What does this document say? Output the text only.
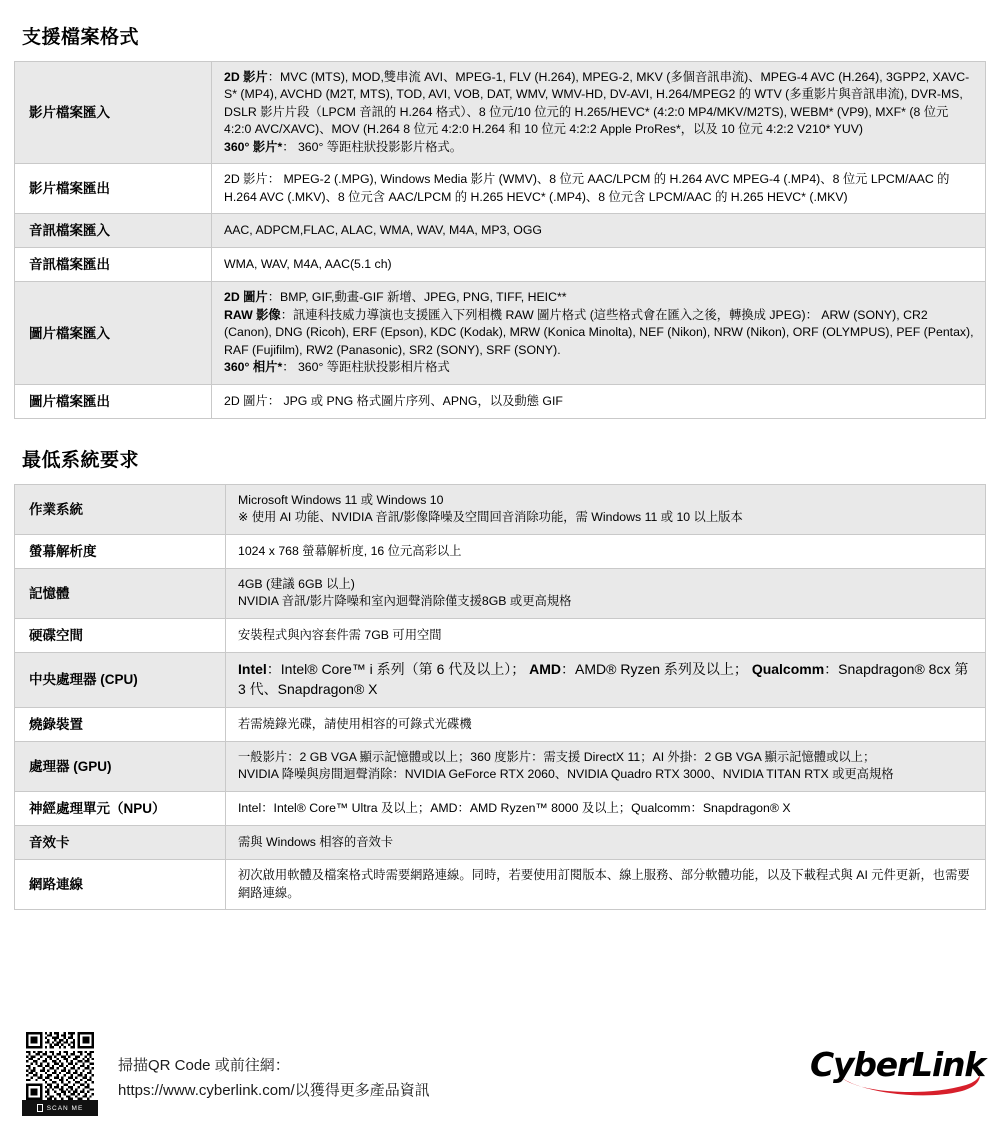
支援檔案格式
影片檔案匯入	2D 影片：MVC (MTS), MOD,雙串流 AVI、MPEG-1, FLV (H.264), MPEG-2, MKV (多個音訊串流)、MPEG-4 AVC (H.264), 3GPP2, XAVC-S* (MP4), AVCHD (M2T, MTS), TOD, AVI, VOB, DAT, WMV, WMV-HD, DV-AVI, H.264/MPEG2 的 WTV (多重影片與音訊串流), DVR-MS, DSLR 影片片段（LPCM 音訊的 H.264 格式）、8 位元/10 位元的 H.265/HEVC* (4:2:0 MP4/MKV/M2TS), WEBM* (VP9), MXF* (8 位元 4:2:0 AVC/XAVC)、MOV (H.264 8 位元 4:2:0 H.264 和 10 位元 4:2:2 Apple ProRes*，以及 10 位元 4:2:2 V210* YUV)
360° 影片*： 360° 等距柱狀投影影片格式。

影片檔案匯出	2D 影片： MPEG-2 (.MPG), Windows Media 影片 (WMV)、8 位元 AAC/LPCM 的 H.264 AVC MPEG-4 (.MP4)、8 位元 LPCM/AAC 的 H.264 AVC (.MKV)、8 位元含 AAC/LPCM 的 H.265 HEVC* (.MP4)、8 位元含 LPCM/AAC 的 H.265 HEVC* (.MKV)

音訊檔案匯入	AAC, ADPCM,FLAC, ALAC, WMA, WAV, M4A, MP3, OGG

音訊檔案匯出	WMA, WAV, M4A, AAC(5.1 ch)

圖片檔案匯入	2D 圖片：BMP, GIF,動畫-GIF 新增、JPEG, PNG, TIFF, HEIC**
RAW 影像：訊連科技威力導演也支援匯入下列相機 RAW 圖片格式 (這些格式會在匯入之後，轉換成 JPEG)： ARW (SONY), CR2 (Canon), DNG (Ricoh), ERF (Epson), KDC (Kodak), MRW (Konica Minolta), NEF (Nikon), NRW (Nikon), ORF (OLYMPUS), PEF (Pentax), RAF (Fujifilm), RW2 (Panasonic), SR2 (SONY), SRF (SONY).
360° 相片*： 360° 等距柱狀投影相片格式

圖片檔案匯出	2D 圖片： JPG 或 PNG 格式圖片序列、APNG，以及動態 GIF
最低系統要求
作業系統	Microsoft Windows 11 或 Windows 10
※ 使用 AI 功能、NVIDIA 音訊/影像降噪及空間回音消除功能，需 Windows 11 或 10 以上版本

螢幕解析度	1024 x 768 螢幕解析度, 16 位元高彩以上

記憶體	4GB (建議 6GB 以上)
NVIDIA 音訊/影片降噪和室內迴聲消除僅支援8GB 或更高規格

硬碟空間	安裝程式與內容套件需 7GB 可用空間

中央處理器 (CPU)	Intel：Intel® Core™ i 系列（第 6 代及以上）； AMD：AMD® Ryzen 系列及以上； Qualcomm：Snapdragon® 8cx 第 3 代、Snapdragon® X

燒錄裝置	若需燒錄光碟，請使用相容的可錄式光碟機

處理器 (GPU)	一般影片：2 GB VGA 顯示記憶體或以上；360 度影片：需支援 DirectX 11；AI 外掛：2 GB VGA 顯示記憶體或以上；
NVIDIA 降噪與房間迴聲消除：NVIDIA GeForce RTX 2060、NVIDIA Quadro RTX 3000、NVIDIA TITAN RTX 或更高規格

神經處理單元（NPU）	Intel：Intel® Core™ Ultra 及以上；AMD：AMD Ryzen™ 8000 及以上；Qualcomm：Snapdragon® X

音效卡	需與 Windows 相容的音效卡

網路連線	初次啟用軟體及檔案格式時需要網路連線。同時，若要使用訂閱版本、線上服務、部分軟體功能，以及下載程式與 AI 元件更新，也需要網路連線。
SCAN ME
掃描QR Code 或前往網：
https://www.cyberlink.com/以獲得更多產品資訊
CyberLink
